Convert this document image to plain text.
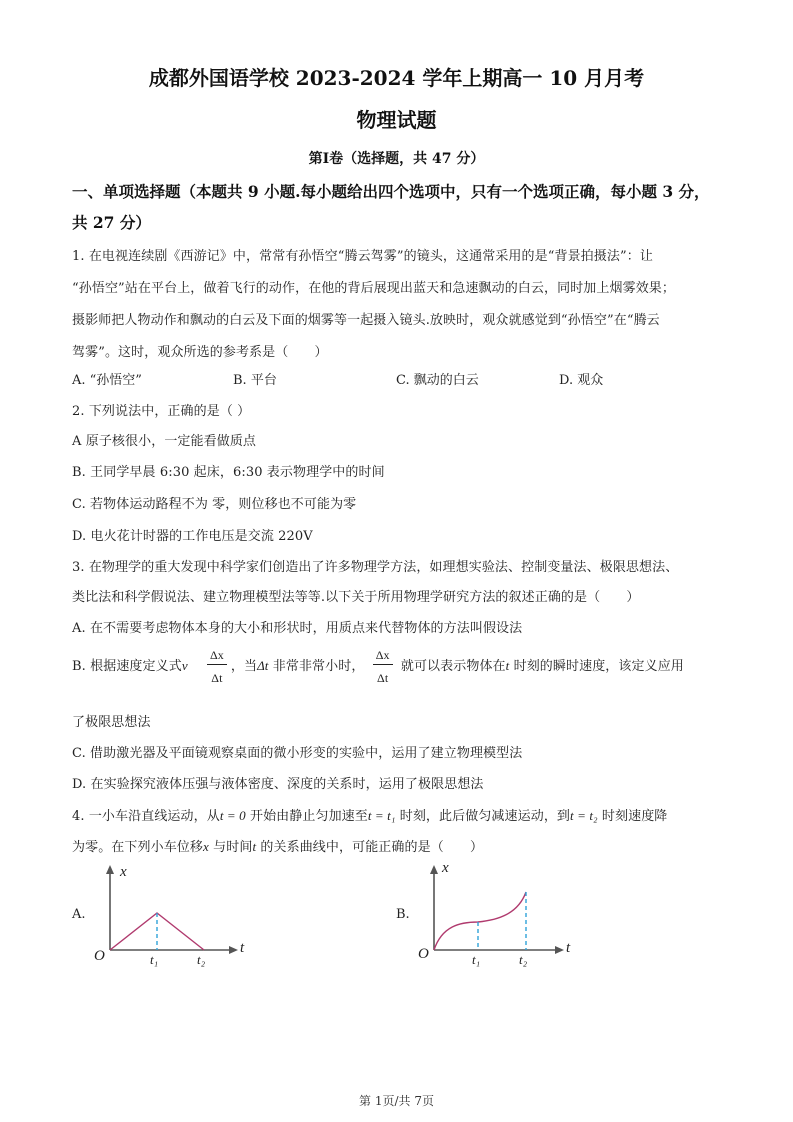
成都外国语学校 2023-2024 学年上期高一 10 月月考
物理试题
第Ⅰ卷（选择题，共 47 分）
一、单项选择题（本题共 9 小题.每小题给出四个选项中，只有一个选项正确，每小题 3 分，
共 27 分）
1. 在电视连续剧《西游记》中，常常有孙悟空“腾云驾雾”的镜头，这通常采用的是“背景拍摄法”：让
“孙悟空”站在平台上，做着飞行的动作，在他的背后展现出蓝天和急速飘动的白云，同时加上烟雾效果；
摄影师把人物动作和飘动的白云及下面的烟雾等一起摄入镜头.放映时，观众就感觉到“孙悟空”在“腾云
驾雾”。这时，观众所选的参考系是（　　）
A. “孙悟空”	B. 平台	C. 飘动的白云	D. 观众
2. 下列说法中，正确的是（ ）
A 原子核很小，一定能看做质点
B. 王同学早晨 6:30 起床，6:30 表示物理学中的时间
C. 若物体运动路程不为 零，则位移也不可能为零
D. 电火花计时器的工作电压是交流 220V
3. 在物理学的重大发现中科学家们创造出了许多物理学方法，如理想实验法、控制变量法、极限思想法、
类比法和科学假说法、建立物理模型法等等.以下关于所用物理学研究方法的叙述正确的是（　　）
A. 在不需要考虑物体本身的大小和形状时，用质点来代替物体的方法叫假设法
B. 根据速度定义式$v= \frac{\Delta x}{\Delta t}$ ，当Δt 非常非常小时， $\frac{\Delta x}{\Delta t}$ 就可以表示物体在t 时刻的瞬时速度，该定义应用
了极限思想法
C. 借助激光器及平面镜观察桌面的微小形变的实验中，运用了建立物理模型法
D. 在实验探究液体压强与液体密度、深度的关系时，运用了极限思想法
4. 一小车沿直线运动，从t = 0 开始由静止匀加速至t = t₁ 时刻，此后做匀减速运动，到t = t₂ 时刻速度降
为零。在下列小车位移x 与时间t 的关系曲线中，可能正确的是（　　）
A.
x
t
O	t₁	t₂
B.
x
t
O	t₁	t₂
第 1页/共 7页
